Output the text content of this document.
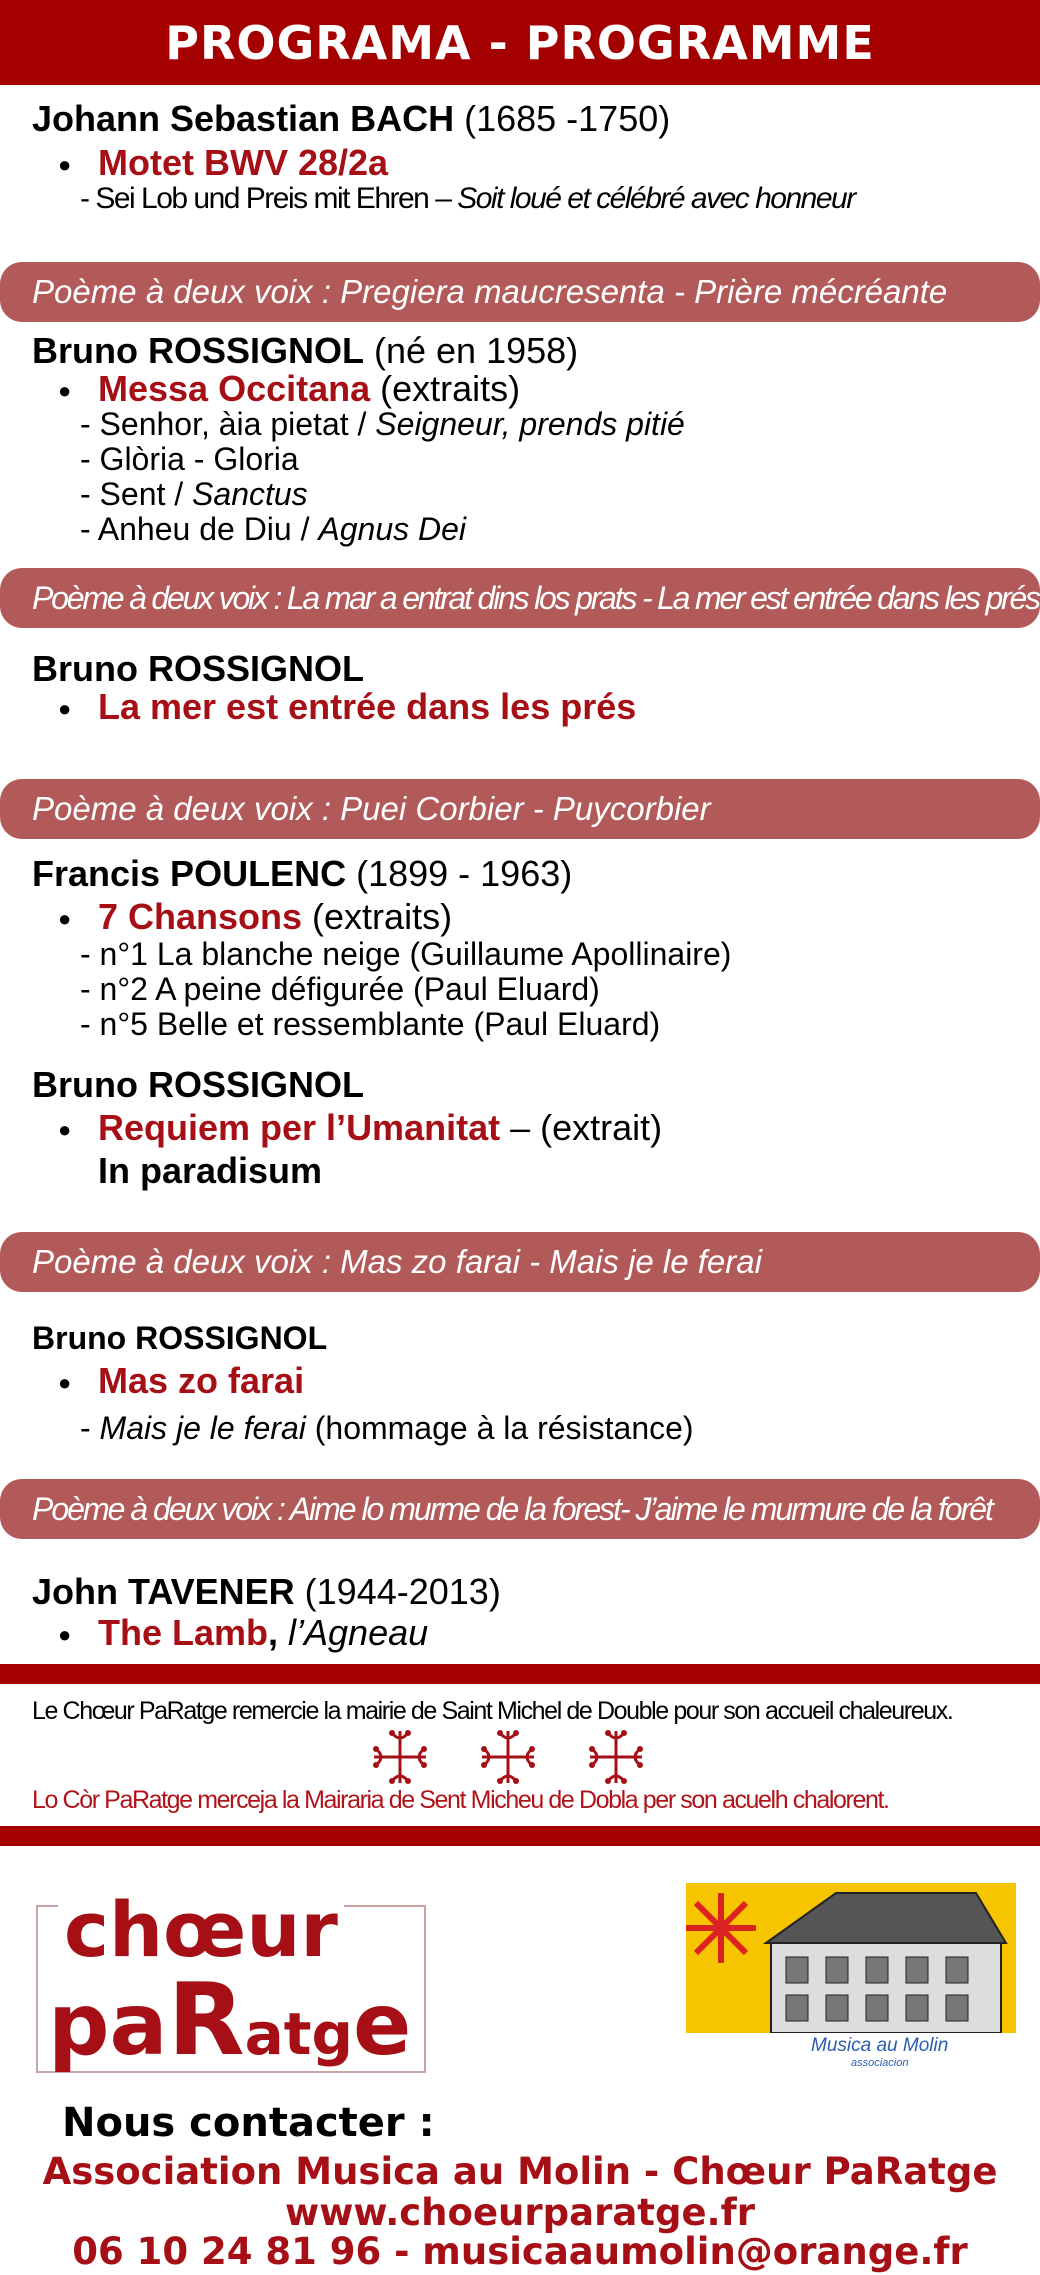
PROGRAMA - PROGRAMME
Johann Sebastian BACH (1685 -1750)
● Motet BWV 28/2a
- Sei Lob und Preis mit Ehren – Soit loué et célébré avec honneur
Poème à deux voix : Pregiera maucresenta - Prière mécréante
Bruno ROSSIGNOL (né en 1958)
● Messa Occitana (extraits)
- Senhor, àia pietat / Seigneur, prends pitié
- Glòria - Gloria
- Sent / Sanctus
- Anheu de Diu / Agnus Dei
Poème à deux voix : La mar a entrat dins los prats - La mer est entrée dans les prés
Bruno ROSSIGNOL
● La mer est entrée dans les prés
Poème à deux voix : Puei Corbier - Puycorbier
Francis POULENC (1899 - 1963)
● 7 Chansons (extraits)
- n°1 La blanche neige (Guillaume Apollinaire)
- n°2 A peine défigurée (Paul Eluard)
- n°5 Belle et ressemblante (Paul Eluard)
Bruno ROSSIGNOL
● Requiem per l’Umanitat – (extrait)
In paradisum
Poème à deux voix : Mas zo farai - Mais je le ferai
Bruno ROSSIGNOL
● Mas zo farai
- Mais je le ferai (hommage à la résistance)
Poème à deux voix : Aime lo murme de la forest- J’aime le murmure de la forêt
John TAVENER (1944-2013)
● The Lamb, l’Agneau
Le Chœur PaRatge remercie la mairie de Saint Michel de Double pour son accueil chaleureux.
Lo Còr PaRatge merceja la Mairaria de Sent Micheu de Dobla per son acuelh chalorent.
chœur
paRatge	Musica au Molin
associacion
Nous contacter :
Association Musica au Molin - Chœur PaRatge
www.choeurparatge.fr
06 10 24 81 96 - musicaaumolin@orange.fr
